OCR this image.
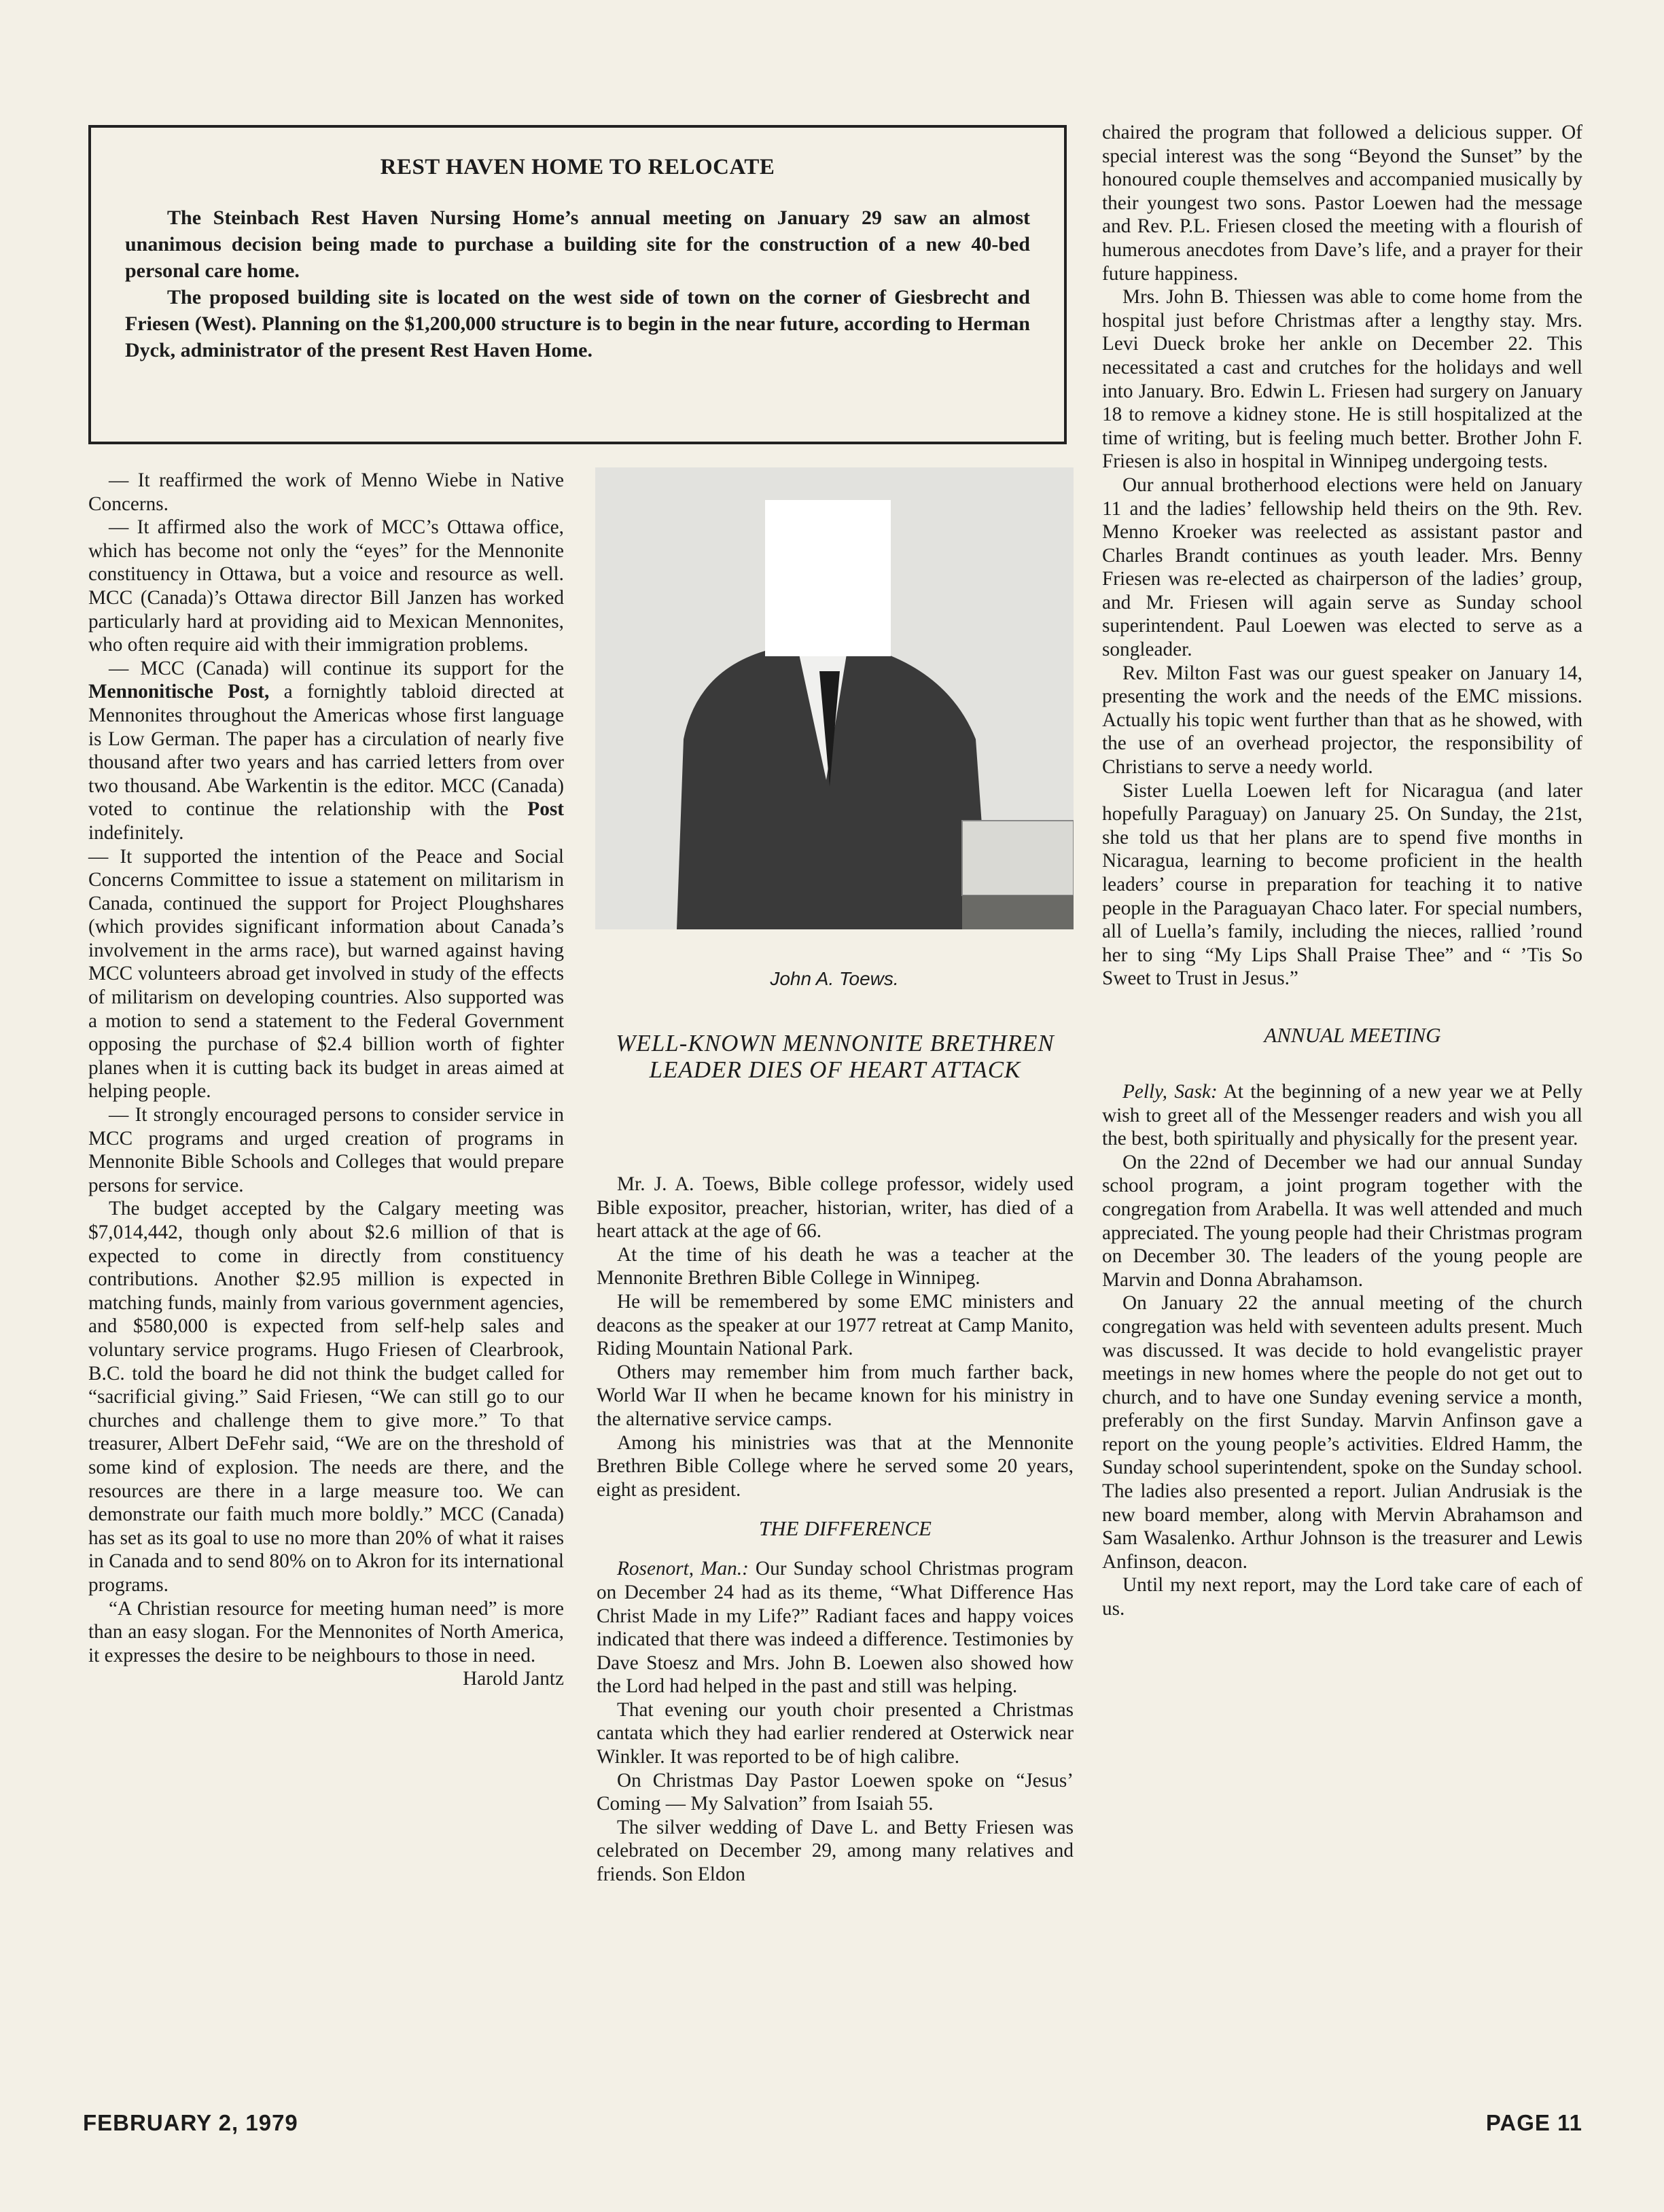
REST HAVEN HOME TO RELOCATE

The Steinbach Rest Haven Nursing Home’s annual meeting on January 29 saw an almost unanimous decision being made to purchase a building site for the construction of a new 40-bed personal care home.

The proposed building site is located on the west side of town on the corner of Giesbrecht and Friesen (West). Planning on the $1,200,000 structure is to begin in the near future, according to Herman Dyck, administrator of the present Rest Haven Home.

— It reaffirmed the work of Menno Wiebe in Native Concerns.

— It affirmed also the work of MCC’s Ottawa office, which has become not only the “eyes” for the Mennonite constituency in Ottawa, but a voice and resource as well. MCC (Canada)’s Ottawa director Bill Janzen has worked particularly hard at providing aid to Mexican Mennonites, who often require aid with their immigration problems.

— MCC (Canada) will continue its support for the Mennonitische Post, a fornightly tabloid directed at Mennonites throughout the Americas whose first language is Low German. The paper has a circulation of nearly five thousand after two years and has carried letters from over two thousand. Abe Warkentin is the editor. MCC (Canada) voted to continue the relationship with the Post indefinitely.

— It supported the intention of the Peace and Social Concerns Committee to issue a statement on militarism in Canada, continued the support for Project Ploughshares (which provides significant information about Canada’s involvement in the arms race), but warned against having MCC volunteers abroad get involved in study of the effects of militarism on developing countries. Also supported was a motion to send a statement to the Federal Government opposing the purchase of $2.4 billion worth of fighter planes when it is cutting back its budget in areas aimed at helping people.

— It strongly encouraged persons to consider service in MCC programs and urged creation of programs in Mennonite Bible Schools and Colleges that would prepare persons for service.

The budget accepted by the Calgary meeting was $7,014,442, though only about $2.6 million of that is expected to come in directly from constituency contributions. Another $2.95 million is expected in matching funds, mainly from various government agencies, and $580,000 is expected from self-help sales and voluntary service programs. Hugo Friesen of Clearbrook, B.C. told the board he did not think the budget called for “sacrificial giving.” Said Friesen, “We can still go to our churches and challenge them to give more.” To that treasurer, Albert DeFehr said, “We are on the threshold of some kind of explosion. The needs are there, and the resources are there in a large measure too. We can demonstrate our faith much more boldly.” MCC (Canada) has set as its goal to use no more than 20% of what it raises in Canada and to send 80% on to Akron for its international programs.

“A Christian resource for meeting human need” is more than an easy slogan. For the Mennonites of North America, it expresses the desire to be neighbours to those in need.

Harold Jantz

John A. Toews.
WELL-KNOWN MENNONITE BRETHREN LEADER DIES OF HEART ATTACK

Mr. J. A. Toews, Bible college professor, widely used Bible expositor, preacher, historian, writer, has died of a heart attack at the age of 66.

At the time of his death he was a teacher at the Mennonite Brethren Bible College in Winnipeg.

He will be remembered by some EMC ministers and deacons as the speaker at our 1977 retreat at Camp Manito, Riding Mountain National Park.

Others may remember him from much farther back, World War II when he became known for his ministry in the alternative service camps.

Among his ministries was that at the Mennonite Brethren Bible College where he served some 20 years, eight as president.

THE DIFFERENCE

Rosenort, Man.: Our Sunday school Christmas program on December 24 had as its theme, “What Difference Has Christ Made in my Life?” Radiant faces and happy voices indicated that there was indeed a difference. Testimonies by Dave Stoesz and Mrs. John B. Loewen also showed how the Lord had helped in the past and still was helping.

That evening our youth choir presented a Christmas cantata which they had earlier rendered at Osterwick near Winkler. It was reported to be of high calibre.

On Christmas Day Pastor Loewen spoke on “Jesus’ Coming — My Salvation” from Isaiah 55.

The silver wedding of Dave L. and Betty Friesen was celebrated on December 29, among many relatives and friends. Son Eldon

chaired the program that followed a delicious supper. Of special interest was the song “Beyond the Sunset” by the honoured couple themselves and accompanied musically by their youngest two sons. Pastor Loewen had the message and Rev. P.L. Friesen closed the meeting with a flourish of humerous anecdotes from Dave’s life, and a prayer for their future happiness.

Mrs. John B. Thiessen was able to come home from the hospital just before Christmas after a lengthy stay. Mrs. Levi Dueck broke her ankle on December 22. This necessitated a cast and crutches for the holidays and well into January. Bro. Edwin L. Friesen had surgery on January 18 to remove a kidney stone. He is still hospitalized at the time of writing, but is feeling much better. Brother John F. Friesen is also in hospital in Winnipeg undergoing tests.

Our annual brotherhood elections were held on January 11 and the ladies’ fellowship held theirs on the 9th. Rev. Menno Kroeker was reelected as assistant pastor and Charles Brandt continues as youth leader. Mrs. Benny Friesen was re-elected as chairperson of the ladies’ group, and Mr. Friesen will again serve as Sunday school superintendent. Paul Loewen was elected to serve as a songleader.

Rev. Milton Fast was our guest speaker on January 14, presenting the work and the needs of the EMC missions. Actually his topic went further than that as he showed, with the use of an overhead projector, the responsibility of Christians to serve a needy world.

Sister Luella Loewen left for Nicaragua (and later hopefully Paraguay) on January 25. On Sunday, the 21st, she told us that her plans are to spend five months in Nicaragua, learning to become proficient in the health leaders’ course in preparation for teaching it to native people in the Paraguayan Chaco later. For special numbers, all of Luella’s family, including the nieces, rallied ’round her to sing “My Lips Shall Praise Thee” and “ ’Tis So Sweet to Trust in Jesus.”

ANNUAL MEETING

Pelly, Sask: At the beginning of a new year we at Pelly wish to greet all of the Messenger readers and wish you all the best, both spiritually and physically for the present year.

On the 22nd of December we had our annual Sunday school program, a joint program together with the congregation from Arabella. It was well attended and much appreciated. The young people had their Christmas program on December 30. The leaders of the young people are Marvin and Donna Abrahamson.

On January 22 the annual meeting of the church congregation was held with seventeen adults present. Much was discussed. It was decide to hold evangelistic prayer meetings in new homes where the people do not get out to church, and to have one Sunday evening service a month, preferably on the first Sunday. Marvin Anfinson gave a report on the young people’s activities. Eldred Hamm, the Sunday school superintendent, spoke on the Sunday school. The ladies also presented a report. Julian Andrusiak is the new board member, along with Mervin Abrahamson and Sam Wasalenko. Arthur Johnson is the treasurer and Lewis Anfinson, deacon.

Until my next report, may the Lord take care of each of us.

FEBRUARY 2, 1979	PAGE 11
